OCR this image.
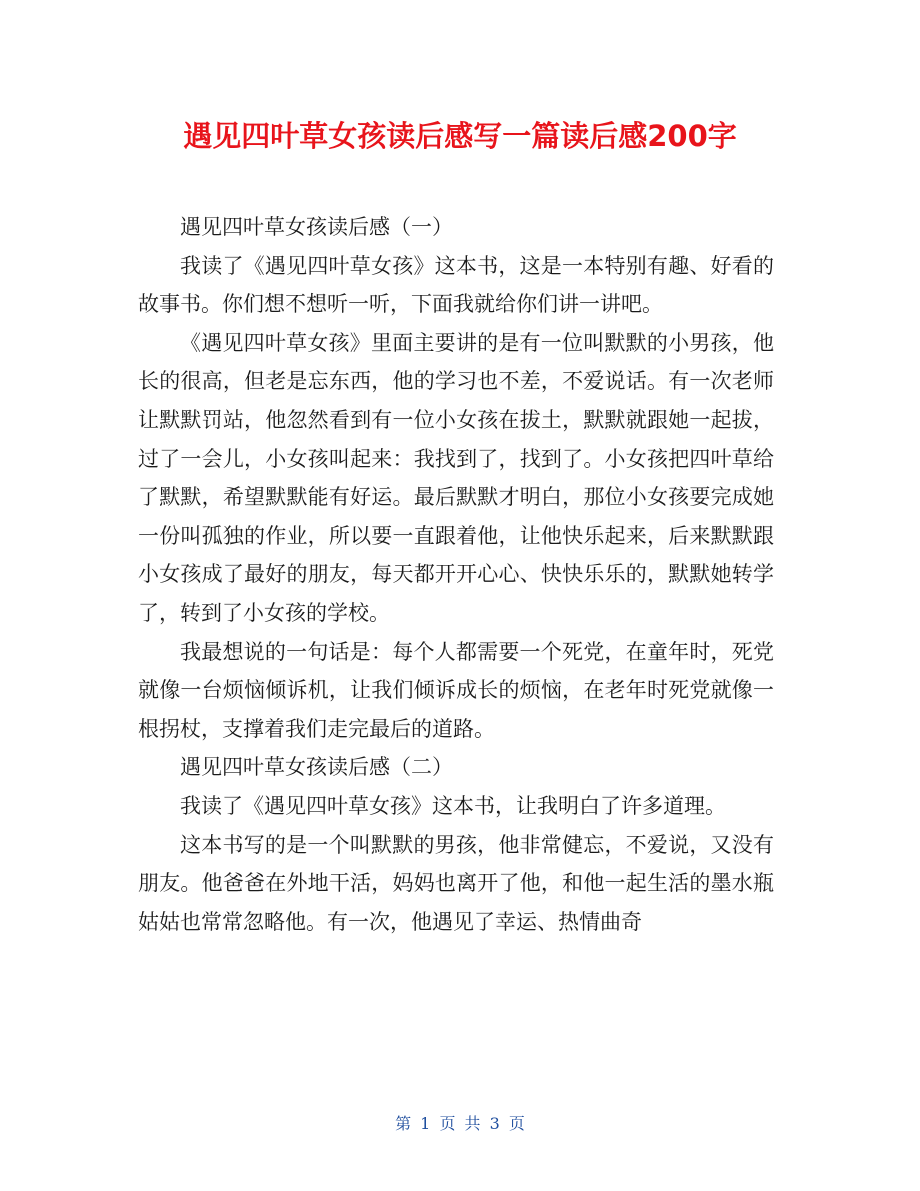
遇见四叶草女孩读后感写一篇读后感200字

遇见四叶草女孩读后感（一）

我读了《遇见四叶草女孩》这本书，这是一本特别有趣、好看的故事书。你们想不想听一听，下面我就给你们讲一讲吧。

《遇见四叶草女孩》里面主要讲的是有一位叫默默的小男孩，他长的很高，但老是忘东西，他的学习也不差，不爱说话。有一次老师让默默罚站，他忽然看到有一位小女孩在拔土，默默就跟她一起拔，过了一会儿，小女孩叫起来：我找到了，找到了。小女孩把四叶草给了默默，希望默默能有好运。最后默默才明白，那位小女孩要完成她一份叫孤独的作业，所以要一直跟着他，让他快乐起来，后来默默跟小女孩成了最好的朋友，每天都开开心心、快快乐乐的，默默她转学了，转到了小女孩的学校。

我最想说的一句话是：每个人都需要一个死党，在童年时，死党就像一台烦恼倾诉机，让我们倾诉成长的烦恼，在老年时死党就像一根拐杖，支撑着我们走完最后的道路。

遇见四叶草女孩读后感（二）

我读了《遇见四叶草女孩》这本书，让我明白了许多道理。

这本书写的是一个叫默默的男孩，他非常健忘，不爱说，又没有朋友。他爸爸在外地干活，妈妈也离开了他，和他一起生活的墨水瓶姑姑也常常忽略他。有一次，他遇见了幸运、热情曲奇

第 1 页 共 3 页
